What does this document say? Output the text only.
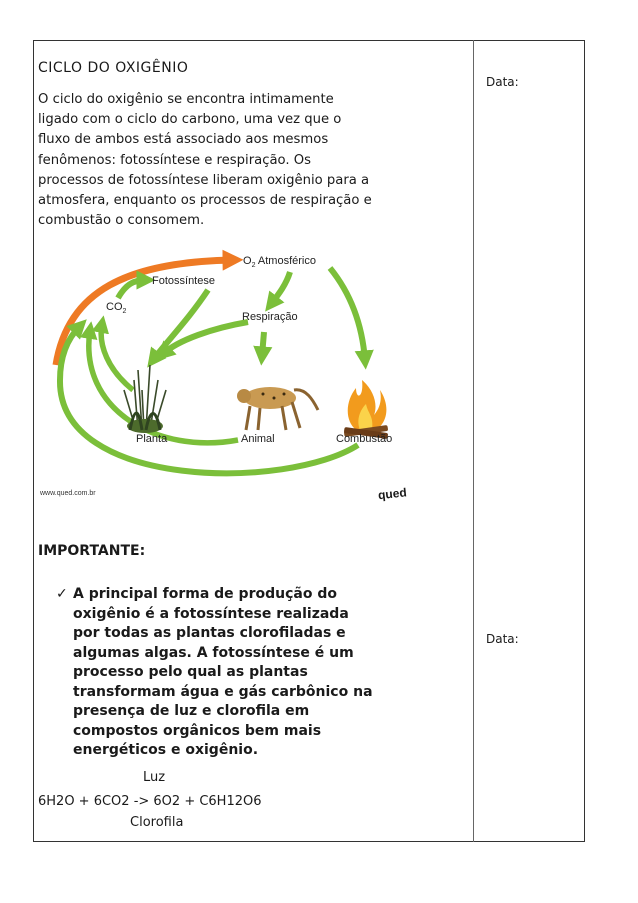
CICLO DO OXIGÊNIO
Data:
O ciclo do oxigênio se encontra intimamente
ligado com o ciclo do carbono, uma vez que o
fluxo de ambos está associado aos mesmos
fenômenos: fotossíntese e respiração. Os
processos de fotossíntese liberam oxigênio para a
atmosfera, enquanto os processos de respiração e
combustão o consomem.
$O_2$ Atmosférico
$CO_2$
Fotossíntese
Respiração
Planta	Animal	Combustão
www.qued.com.br	qued
IMPORTANTE:
Data:
✓ A principal forma de produção do
oxigênio é a fotossíntese realizada
por todas as plantas clorofiladas e
algumas algas. A fotossíntese é um
processo pelo qual as plantas
transformam água e gás carbônico na
presença de luz e clorofila em
compostos orgânicos bem mais
energéticos e oxigênio.
Luz
6H2O + 6CO2 -> 6O2 + C6H12O6
Clorofila
